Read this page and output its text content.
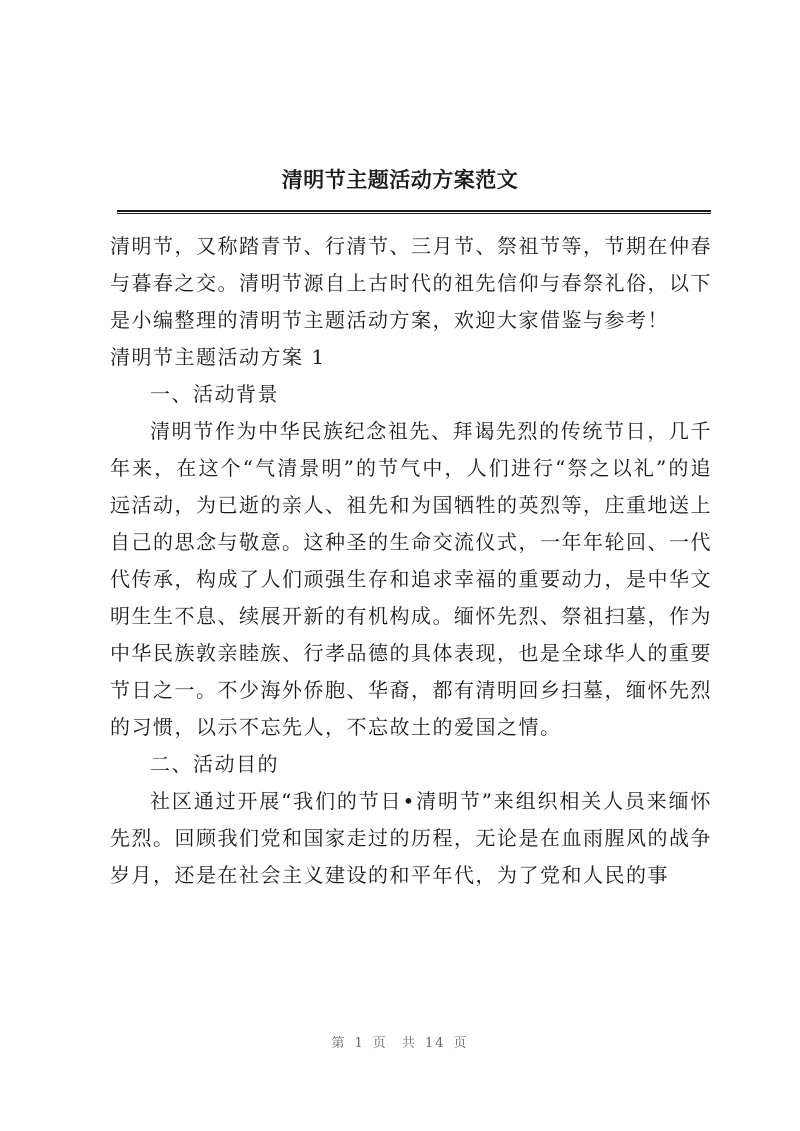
清明节主题活动方案范文

清明节，又称踏青节、行清节、三月节、祭祖节等，节期在仲春与暮春之交。清明节源自上古时代的祖先信仰与春祭礼俗，以下是小编整理的清明节主题活动方案，欢迎大家借鉴与参考！

清明节主题活动方案 1

一、活动背景

清明节作为中华民族纪念祖先、拜谒先烈的传统节日，几千年来，在这个“气清景明”的节气中，人们进行“祭之以礼”的追远活动，为已逝的亲人、祖先和为国牺牲的英烈等，庄重地送上自己的思念与敬意。这种圣的生命交流仪式，一年年轮回、一代代传承，构成了人们顽强生存和追求幸福的重要动力，是中华文明生生不息、续展开新的有机构成。缅怀先烈、祭祖扫墓，作为中华民族敦亲睦族、行孝品德的具体表现，也是全球华人的重要节日之一。不少海外侨胞、华裔，都有清明回乡扫墓，缅怀先烈的习惯，以示不忘先人，不忘故土的爱国之情。

二、活动目的

社区通过开展“我们的节日•清明节”来组织相关人员来缅怀先烈。回顾我们党和国家走过的历程，无论是在血雨腥风的战争岁月，还是在社会主义建设的和平年代，为了党和人民的事

第 1 页 共 14 页
